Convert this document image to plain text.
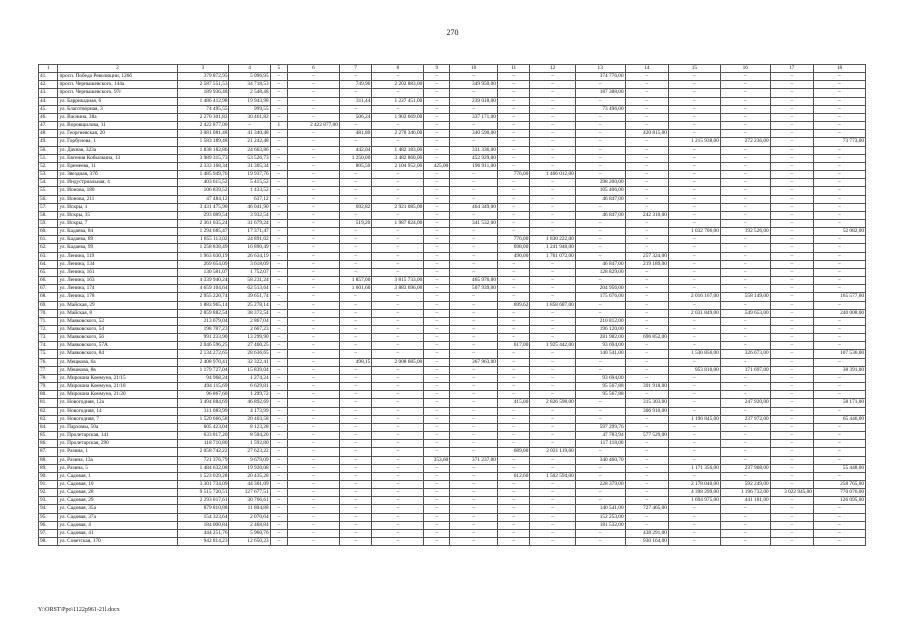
270
1	2	3	4	5	6	7	8	9	10	11	12	13	14	15	16	17	18
41.	просп. Победа Революции, 126б	379 872,95	5 096,95	–	–	–	–	–	–	–	–	374 776,00	–	–	–	–	–
42.	просп. Чернышевского, 144а	2 587 551,53	34 718,53	–	–	749,96	2 202 883,00	–	349 950,00	–	–	–	–	–	–	–	–
43.	просп. Чернышевского, 97г	189 936,48	2 548,48	–	–	–	–	–	–	–	–	187 388,00	–	–	–	–	–
44.	ул. Баррикадная, 6	1 486 412,98	19 943,98	–	–	311,44	1 227 451,00	–	239 018,00	–	–	–	–	–	–	–	–
45.	ул. Благотворная, 3	74 495,55	999,55	–	–	–	–	–	–	–	–	73 496,00	–	–	–	–	–
46.	ул. Васнина, 38а	2 270 301,82	30 461,82	–	–	506,24	1 902 669,00	–	337 171,00	–	–	–	–	–	–	–	–
47.	ул. Воровщилова, 11	2 422 877,00	–	1	2 422 877,00	–	–	–	–	–	–	–	–	–	–	–	–
48.	ул. Георгиевская, 20	3 081 081,48	41 340,48	–	–	481,80	2 278 346,00	–	340 590,00	–	–	–	420 815,00	–	–	–	–
49.	ул. Горбунова, 1	1 583 189,48	21 242,48	–	–	–	–	–	–	–	–	–	–	1 215 938,00	272 236,00	–	73 773,00
50.	ул. Дачная, 323а	1 838 182,86	24 663,86	–	–	442,04	1 482 183,00	–	331 336,00	–	–	–	–	–	–	–	–
51.	ул. Евгения Кобылкина, 13	3 989 315,73	53 526,73	–	–	1 250,00	3 482 860,00	–	452 929,00	–	–	–	–	–	–	–	–
52.	ул. Еремеева, 11	2 333 168,34	31 305,34	–	–	805,50	2 104 952,00	425,00	196 911,00	–	–	–	–	–	–	–	–
53.	ул. Звездная, 37б	1 485 949,76	19 937,76	–	–	–	–	–	–	776,00	1 466 012,00	–	–	–	–	–	–
54.	ул. Индустриальная, 4	403 615,52	5 415,52	–	–	–	–	–	–	–	–	398 200,00	–	–	–	–	–
55.	ул. Ионова, 180	106 839,52	1 433,52	–	–	–	–	–	–	–	–	105 406,00	–	–	–	–	–
56.	ул. Ионова, 211	47 484,12	637,12	–	–	–	–	–	–	–	–	46 847,00	–	–	–	–	–
57.	ул. Искры, 1	3 431 475,90	46 041,90	–	–	692,82	2 921 085,00	–	464 349,00	–	–	–	–	–	–	–	–
58.	ул. Искры, 15	293 089,54	3 932,54	–	–	–	–	–	–	–	–	46 847,00	242 310,00	–	–	–	–
59.	ул. Искры, 7	2 361 035,24	31 679,24	–	–	519,20	1 987 824,00	–	341 532,00	–	–	–	–	–	–	–	–
60.	ул. Кадаева, 84	1 294 685,47	17 371,47	–	–	–	–	–	–	–	–	–	–	1 032 706,00	192 526,00	–	52 082,00
61.	ул. Кадаева, 89	1 855 113,02	24 891,02	–	–	–	–	–	–	776,00	1 830 222,00	–	–	–	–	–	–
62.	ул. Кадаева, 99	1 258 838,49	16 890,49	–	–	–	–	–	–	698,00	1 241 948,00	–	–	–	–	–	–
63.	ул. Ленина, 119	1 963 030,19	26 634,19	–	–	–	–	–	–	490,00	1 701 072,00	–	257 324,00	–	–	–	–
64.	ул. Ленина, 134	269 654,09	3 618,09	–	–	–	–	–	–	–	–	46 847,00	219 189,00	–	–	–	–
65.	ул. Ленина, 161	130 581,07	1 752,07	–	–	–	–	–	–	–	–	128 829,00	–	–	–	–	–
66.	ул. Ленина, 163	4 339 940,24	58 231,24	–	–	1 857,00	3 815 733,00	–	465 976,00	–	–	–	–	–	–	–	–
67.	ул. Ленина, 174	4 659 104,64	62 513,64	–	–	1 601,60	3 883 696,00	–	507 939,00	–	–	204 956,00	–	–	–	–	–
68.	ул. Ленина, 178	2 955 220,74	39 651,74	–	–	–	–	–	–	–	–	175 676,00	–	2 016 167,00	558 149,00	–	165 577,00
69.	ул. Майская, 29	1 883 965,14	25 278,14	–	–	–	–	–	–	699,62	1 858 687,00	–	–	–	–	–	–
70.	ул. Майская, 8	2 859 882,54	38 372,54	–	–	–	–	–	–	–	–	–	–	2 031 849,00	549 653,00	–	240 008,00
71.	ул. Маяковского, 52	213 679,04	2 867,04	–	–	–	–	–	–	–	–	210 812,00	–	–	–	–	–
72.	ул. Маяковского, 54	198 787,23	2 667,23	–	–	–	–	–	–	–	–	196 120,00	–	–	–	–	–
73.	ул. Маяковского, 56	991 233,90	13 299,90	–	–	–	–	–	–	–	–	281 982,00	696 852,00	–	–	–	–
74.	ул. Маяковского, 57А	2 046 596,25	27 460,25	–	–	–	–	–	–	617,00	1 925 442,00	93 694,00	–	–	–	–	–
75.	ул. Маяковского, 84	2 134 272,65	28 636,65	–	–	–	–	–	–	–	–	140 541,00	–	1 530 856,00	326 673,00	–	107 536,00
76.	ул. Мещкова, 6а	2 408 970,41	32 322,41	–	–	498,15	2 008 685,00	–	367 963,00	–	–	–	–	–	–	–	–
77.	ул. Мешкова, 8в	1 179 727,04	15 839,04	–	–	–	–	–	–	–	–	–	–	953 810,00	171 697,00	–	38 391,00
78.	ул. Мирошна Коммуна, 21/15	94 968,24	1 274,24	–	–	–	–	–	–	–	–	93 694,00	–	–	–	–	–
79.	ул. Мирошна Коммуна, 21/18	494 115,69	6 629,81	–	–	–	–	–	–	–	–	95 567,88	391 918,00	–	–	–	–
80.	ул. Мирошна Коммуна, 21/20	96 867,60	1 299,72	–	–	–	–	–	–	–	–	95 567,88	–	–	–	–	–
81.	ул. Новогодняя, 12а	3 494 884,69	46 892,69	–	–	–	–	–	–	415,00	2 826 598,00	–	315 303,00	–	247 920,00	–	58 171,00
82.	ул. Новогодняя, 14	311 083,99	4 173,99	–	–	–	–	–	–	–	–	–	306 910,00	–	–	–	–
83.	ул. Новогодняя, 7	1 520 666,58	20 403,58	–	–	–	–	–	–	–	–	–	–	1 196 845,00	237 972,00	–	65 446,00
84.	ул. Пархомы, 50а	605 423,04	8 123,28	–	–	–	–	–	–	–	–	597 299,76	–	–	–	–	–
85.	ул. Пролетарская, 141	633 817,20	8 504,20	–	–	–	–	–	–	–	–	47 783,94	577 529,00	–	–	–	–
86.	ул. Пролетарская, 290	118 710,80	1 592,80	–	–	–	–	–	–	–	–	117 118,00	–	–	–	–	–
87.	ул. Разина, 1	2 058 742,22	27 623,22	–	–	–	–	–	–	689,00	2 031 119,00	–	–	–	–	–	–
88.	ул. Разина, 13а	721 376,79	9 679,09	–	–	–	–	353,60	371 237,00	–	–	340 460,70	–	–	–	–	–
89.	ул. Разина, 5	1 484 632,08	19 920,08	–	–	–	–	–	–	–	–	–	–	1 171 356,00	237 908,00	–	55 448,00
90.	ул. Садовая, 1	1 523 029,28	20 435,28	–	–	–	–	–	–	612,60	1 502 594,00	–	–	–	–	–	–
91.	ул. Садовая, 10	3 301 734,09	44 301,09	–	–	–	–	–	–	–	–	228 379,00	–	2 178 040,00	592 249,00	–	258 765,00
92.	ул. Садовая, 28	9 515 720,51	127 677,51	–	–	–	–	–	–	–	–	–	–	4 398 299,00	1 196 732,00	3 022 945,00	770 076,00
93.	ул. Садовая, 29	2 293 017,61	30 766,61	–	–	–	–	–	–	–	–	–	–	1 694 975,00	441 181,00	–	126 095,00
94.	ул. Садовая, 35а	879 810,88	11 804,88	–	–	–	–	–	–	–	–	140 541,00	727 465,00	–	–	–	–
95.	ул. Садовая, 37а	154 323,64	2 070,64	–	–	–	–	–	–	–	–	152 253,00	–	–	–	–	–
96.	ул. Садовая, 4	184 000,84	2 468,84	–	–	–	–	–	–	–	–	181 532,00	–	–	–	–	–
97.	ул. Садовая, 41	444 251,76	5 960,76	–	–	–	–	–	–	–	–	–	438 291,00	–	–	–	–
98.	ул. Советская, 170	942 814,23	12 650,23	–	–	–	–	–	–	–	–	–	930 164,00	–	–	–	–
Y:\ORST\Ppo\1122p961-21l.docx
